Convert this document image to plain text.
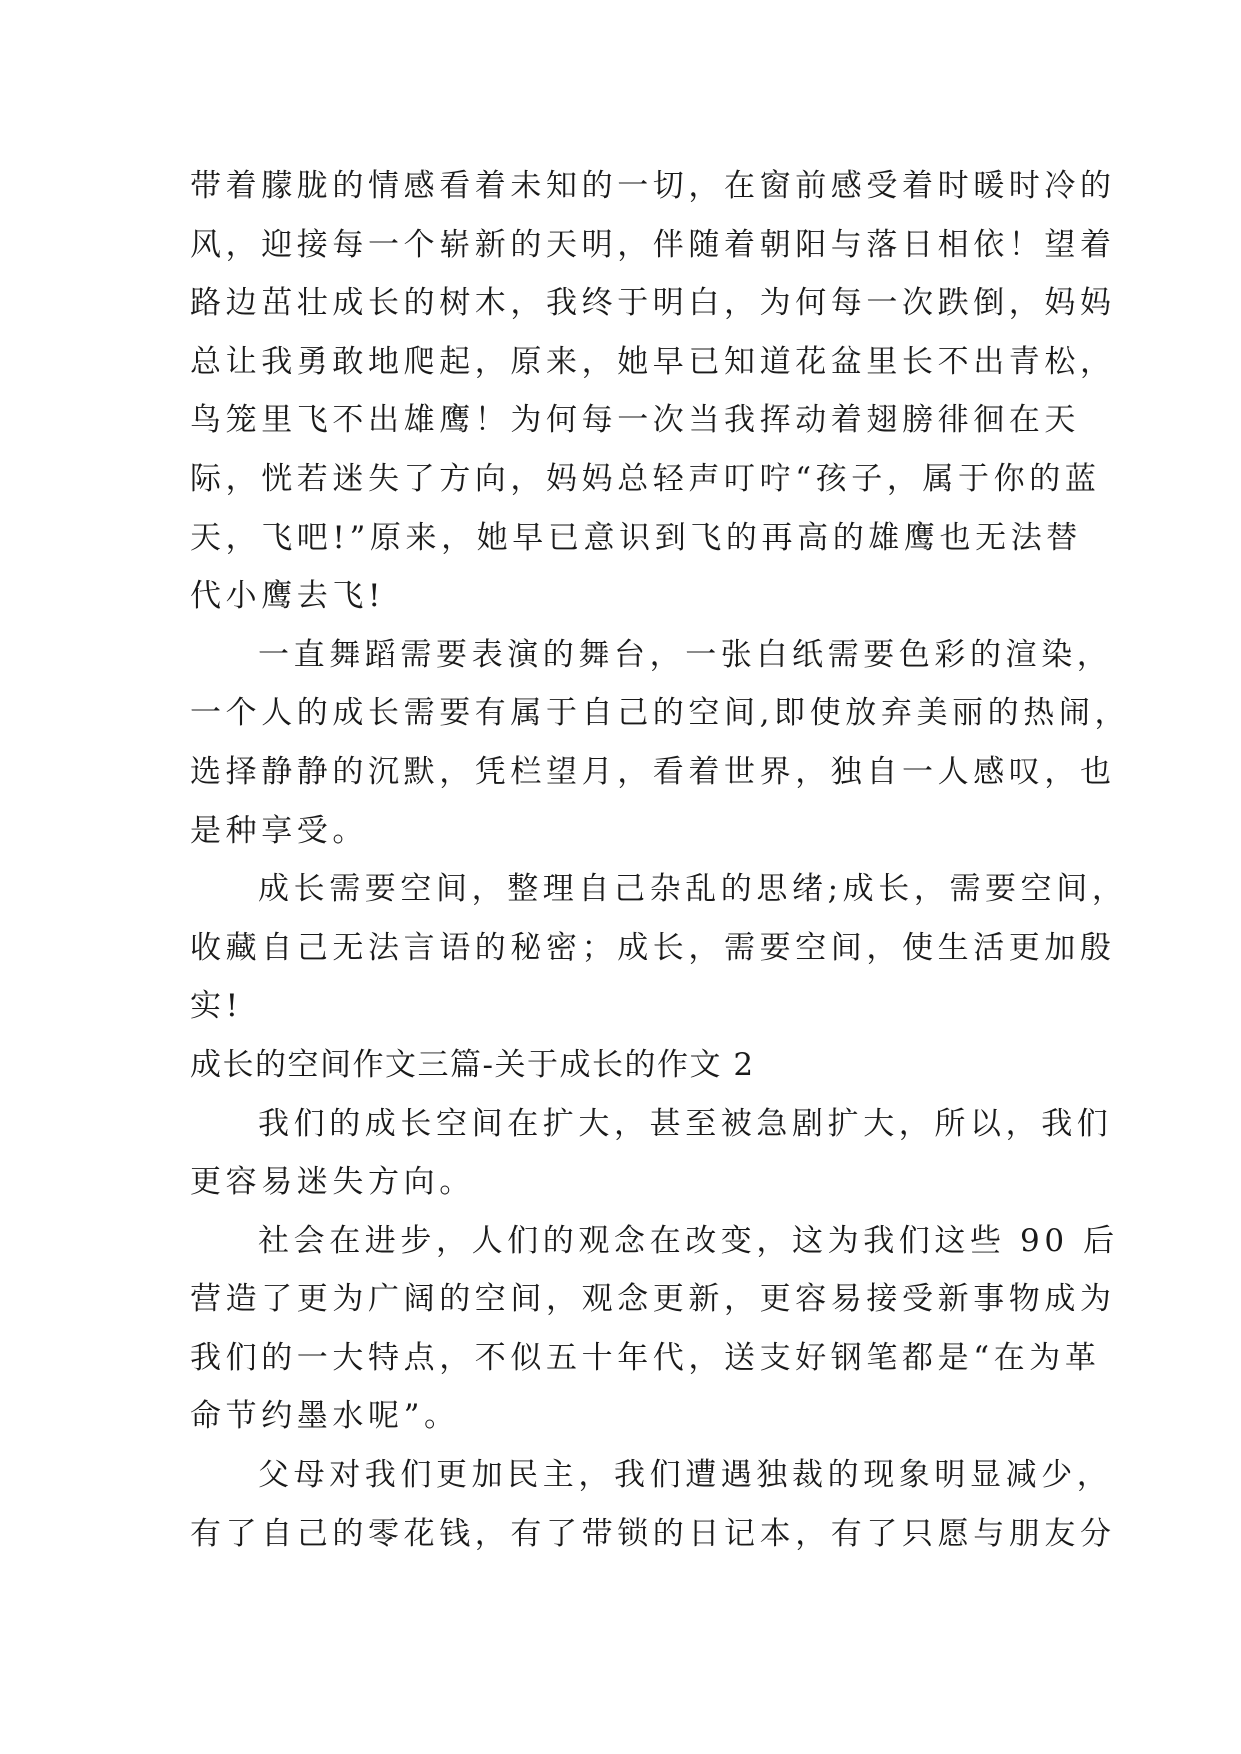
带着朦胧的情感看着未知的一切，在窗前感受着时暖时冷的
风，迎接每一个崭新的天明，伴随着朝阳与落日相依！望着
路边茁壮成长的树木，我终于明白，为何每一次跌倒，妈妈
总让我勇敢地爬起，原来，她早已知道花盆里长不出青松，
鸟笼里飞不出雄鹰！为何每一次当我挥动着翅膀徘徊在天
际，恍若迷失了方向，妈妈总轻声叮咛“孩子，属于你的蓝
天，飞吧!”原来，她早已意识到飞的再高的雄鹰也无法替
代小鹰去飞!
一直舞蹈需要表演的舞台，一张白纸需要色彩的渲染，
一个人的成长需要有属于自己的空间,即使放弃美丽的热闹，
选择静静的沉默，凭栏望月，看着世界，独自一人感叹，也
是种享受。
成长需要空间，整理自己杂乱的思绪;成长，需要空间，
收藏自己无法言语的秘密；成长，需要空间，使生活更加殷
实!
成长的空间作文三篇-关于成长的作文 2
我们的成长空间在扩大，甚至被急剧扩大，所以，我们
更容易迷失方向。
社会在进步，人们的观念在改变，这为我们这些 90 后
营造了更为广阔的空间，观念更新，更容易接受新事物成为
我们的一大特点，不似五十年代，送支好钢笔都是“在为革
命节约墨水呢”。
父母对我们更加民主，我们遭遇独裁的现象明显减少，
有了自己的零花钱，有了带锁的日记本，有了只愿与朋友分
